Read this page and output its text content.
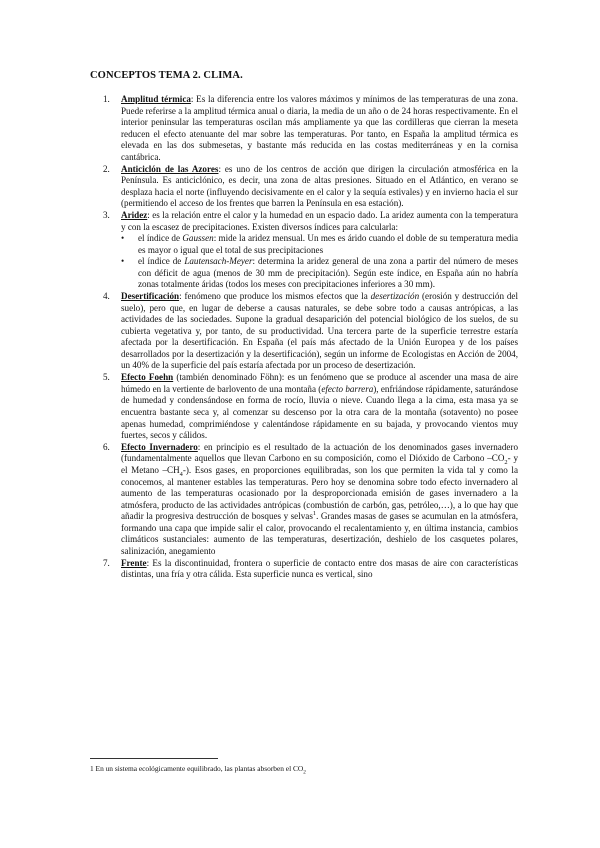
CONCEPTOS TEMA 2. CLIMA.
1. Amplitud térmica: Es la diferencia entre los valores máximos y mínimos de las temperaturas de una zona. Puede referirse a la amplitud térmica anual o diaria, la media de un año o de 24 horas respectivamente. En el interior peninsular las temperaturas oscilan más ampliamente ya que las cordilleras que cierran la meseta reducen el efecto atenuante del mar sobre las temperaturas. Por tanto, en España la amplitud térmica es elevada en las dos submesetas, y bastante más reducida en las costas mediterráneas y en la cornisa cantábrica.
2. Anticiclón de las Azores: es uno de los centros de acción que dirigen la circulación atmosférica en la Península. Es anticiclónico, es decir, una zona de altas presiones. Situado en el Atlántico, en verano se desplaza hacia el norte (influyendo decisivamente en el calor y la sequía estivales) y en invierno hacia el sur (permitiendo el acceso de los frentes que barren la Península en esa estación).
3. Aridez: es la relación entre el calor y la humedad en un espacio dado. La aridez aumenta con la temperatura y con la escasez de precipitaciones. Existen diversos índices para calcularla:
• el índice de Gaussen: mide la aridez mensual. Un mes es árido cuando el doble de su temperatura media es mayor o igual que el total de sus precipitaciones
• el índice de Lautensach-Meyer: determina la aridez general de una zona a partir del número de meses con déficit de agua (menos de 30 mm de precipitación). Según este índice, en España aún no habría zonas totalmente áridas (todos los meses con precipitaciones inferiores a 30 mm).
4. Desertificación: fenómeno que produce los mismos efectos que la desertización (erosión y destrucción del suelo), pero que, en lugar de deberse a causas naturales, se debe sobre todo a causas antrópicas, a las actividades de las sociedades. Supone la gradual desaparición del potencial biológico de los suelos, de su cubierta vegetativa y, por tanto, de su productividad. Una tercera parte de la superficie terrestre estaría afectada por la desertificación. En España (el país más afectado de la Unión Europea y de los países desarrollados por la desertización y la desertificación), según un informe de Ecologistas en Acción de 2004, un 40% de la superficie del país estaría afectada por un proceso de desertización.
5. Efecto Foehn (también denominado Föhn): es un fenómeno que se produce al ascender una masa de aire húmedo en la vertiente de barlovento de una montaña (efecto barrera), enfriándose rápidamente, saturándose de humedad y condensándose en forma de rocío, lluvia o nieve. Cuando llega a la cima, esta masa ya se encuentra bastante seca y, al comenzar su descenso por la otra cara de la montaña (sotavento) no posee apenas humedad, comprimiéndose y calentándose rápidamente en su bajada, y provocando vientos muy fuertes, secos y cálidos.
6. Efecto Invernadero: en principio es el resultado de la actuación de los denominados gases invernadero (fundamentalmente aquellos que llevan Carbono en su composición, como el Dióxido de Carbono $-CO_2-$ y el Metano $-CH_4-$). Esos gases, en proporciones equilibradas, son los que permiten la vida tal y como la conocemos, al mantener estables las temperaturas. Pero hoy se denomina sobre todo efecto invernadero al aumento de las temperaturas ocasionado por la desproporcionada emisión de gases invernadero a la atmósfera, producto de las actividades antrópicas (combustión de carbón, gas, petróleo,…), a lo que hay que añadir la progresiva destrucción de bosques y selvas$^1$. Grandes masas de gases se acumulan en la atmósfera, formando una capa que impide salir el calor, provocando el recalentamiento y, en última instancia, cambios climáticos sustanciales: aumento de las temperaturas, desertización, deshielo de los casquetes polares, salinización, anegamiento
7. Frente: Es la discontinuidad, frontera o superficie de contacto entre dos masas de aire con características distintas, una fría y otra cálida. Esta superficie nunca es vertical, sino
1 En un sistema ecológicamente equilibrado, las plantas absorben el $CO_2$
